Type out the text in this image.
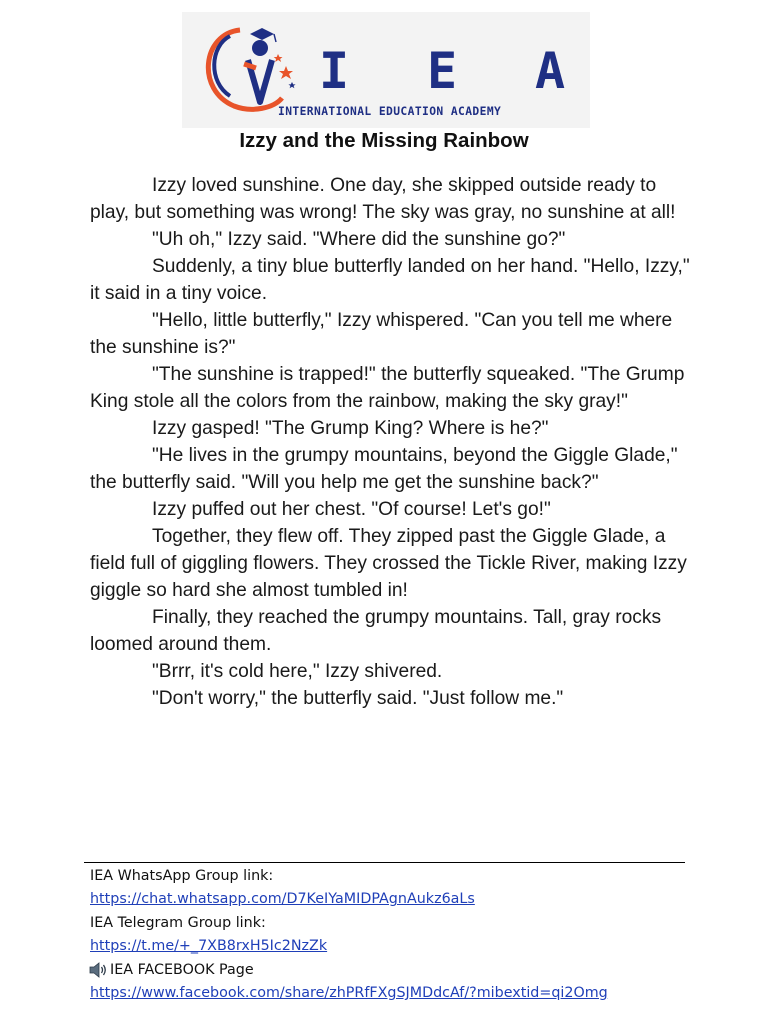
I	E	A
INTERNATIONAL EDUCATION ACADEMY
Izzy and the Missing Rainbow

Izzy loved sunshine. One day, she skipped outside ready to play, but something was wrong! The sky was gray, no sunshine at all!

"Uh oh," Izzy said. "Where did the sunshine go?"

Suddenly, a tiny blue butterfly landed on her hand. "Hello, Izzy," it said in a tiny voice.

"Hello, little butterfly," Izzy whispered. "Can you tell me where the sunshine is?"

"The sunshine is trapped!" the butterfly squeaked. "The Grump King stole all the colors from the rainbow, making the sky gray!"

Izzy gasped! "The Grump King? Where is he?"

"He lives in the grumpy mountains, beyond the Giggle Glade," the butterfly said. "Will you help me get the sunshine back?"

Izzy puffed out her chest. "Of course! Let's go!"

Together, they flew off. They zipped past the Giggle Glade, a field full of giggling flowers. They crossed the Tickle River, making Izzy giggle so hard she almost tumbled in!

Finally, they reached the grumpy mountains. Tall, gray rocks loomed around them.

"Brrr, it's cold here," Izzy shivered.

"Don't worry," the butterfly said. "Just follow me."

IEA WhatsApp Group link:
https://chat.whatsapp.com/D7KeIYaMIDPAgnAukz6aLs
IEA Telegram Group link:
https://t.me/+_7XB8rxH5Ic2NzZk
IEA FACEBOOK Page
https://www.facebook.com/share/zhPRfFXgSJMDdcAf/?mibextid=qi2Omg
